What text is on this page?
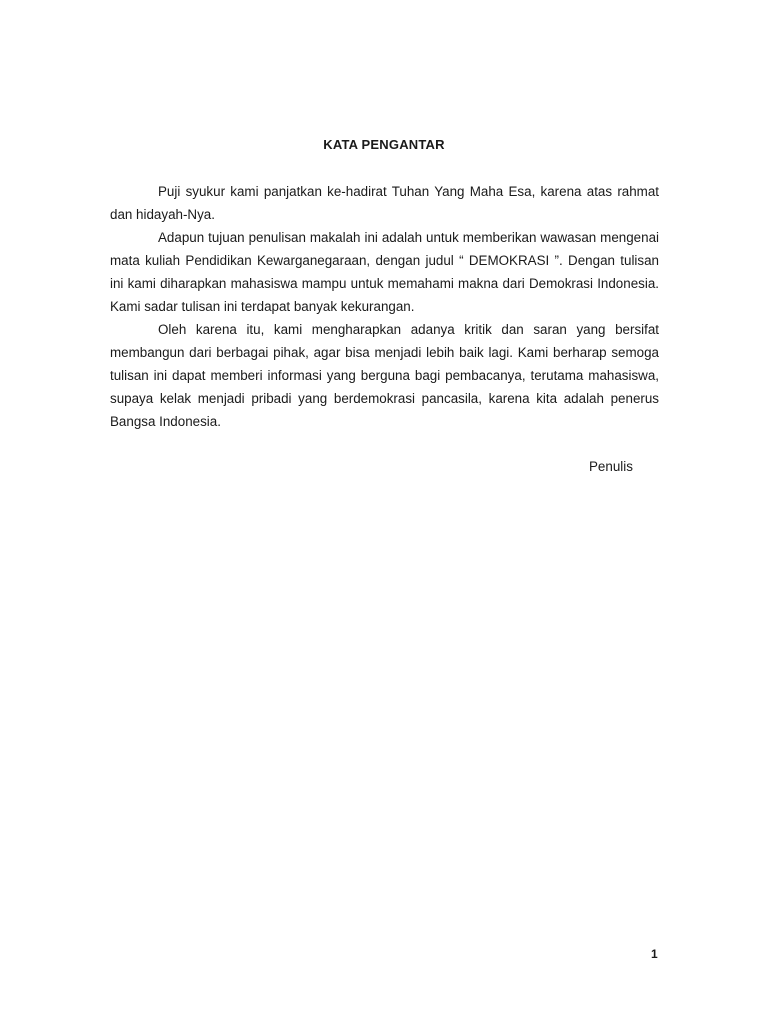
KATA PENGANTAR

Puji syukur kami panjatkan ke-hadirat Tuhan Yang Maha Esa, karena atas rahmat dan hidayah-Nya.

Adapun tujuan penulisan makalah ini adalah untuk memberikan wawasan mengenai mata kuliah Pendidikan Kewarganegaraan, dengan judul “ DEMOKRASI ”. Dengan tulisan ini kami diharapkan mahasiswa mampu untuk memahami makna dari Demokrasi Indonesia. Kami sadar tulisan ini terdapat banyak kekurangan.

Oleh karena itu, kami mengharapkan adanya kritik dan saran yang bersifat membangun dari berbagai pihak, agar bisa menjadi lebih baik lagi. Kami berharap semoga tulisan ini dapat memberi informasi yang berguna bagi pembacanya, terutama mahasiswa, supaya kelak menjadi pribadi yang berdemokrasi pancasila, karena kita adalah penerus Bangsa Indonesia.

Penulis
1
